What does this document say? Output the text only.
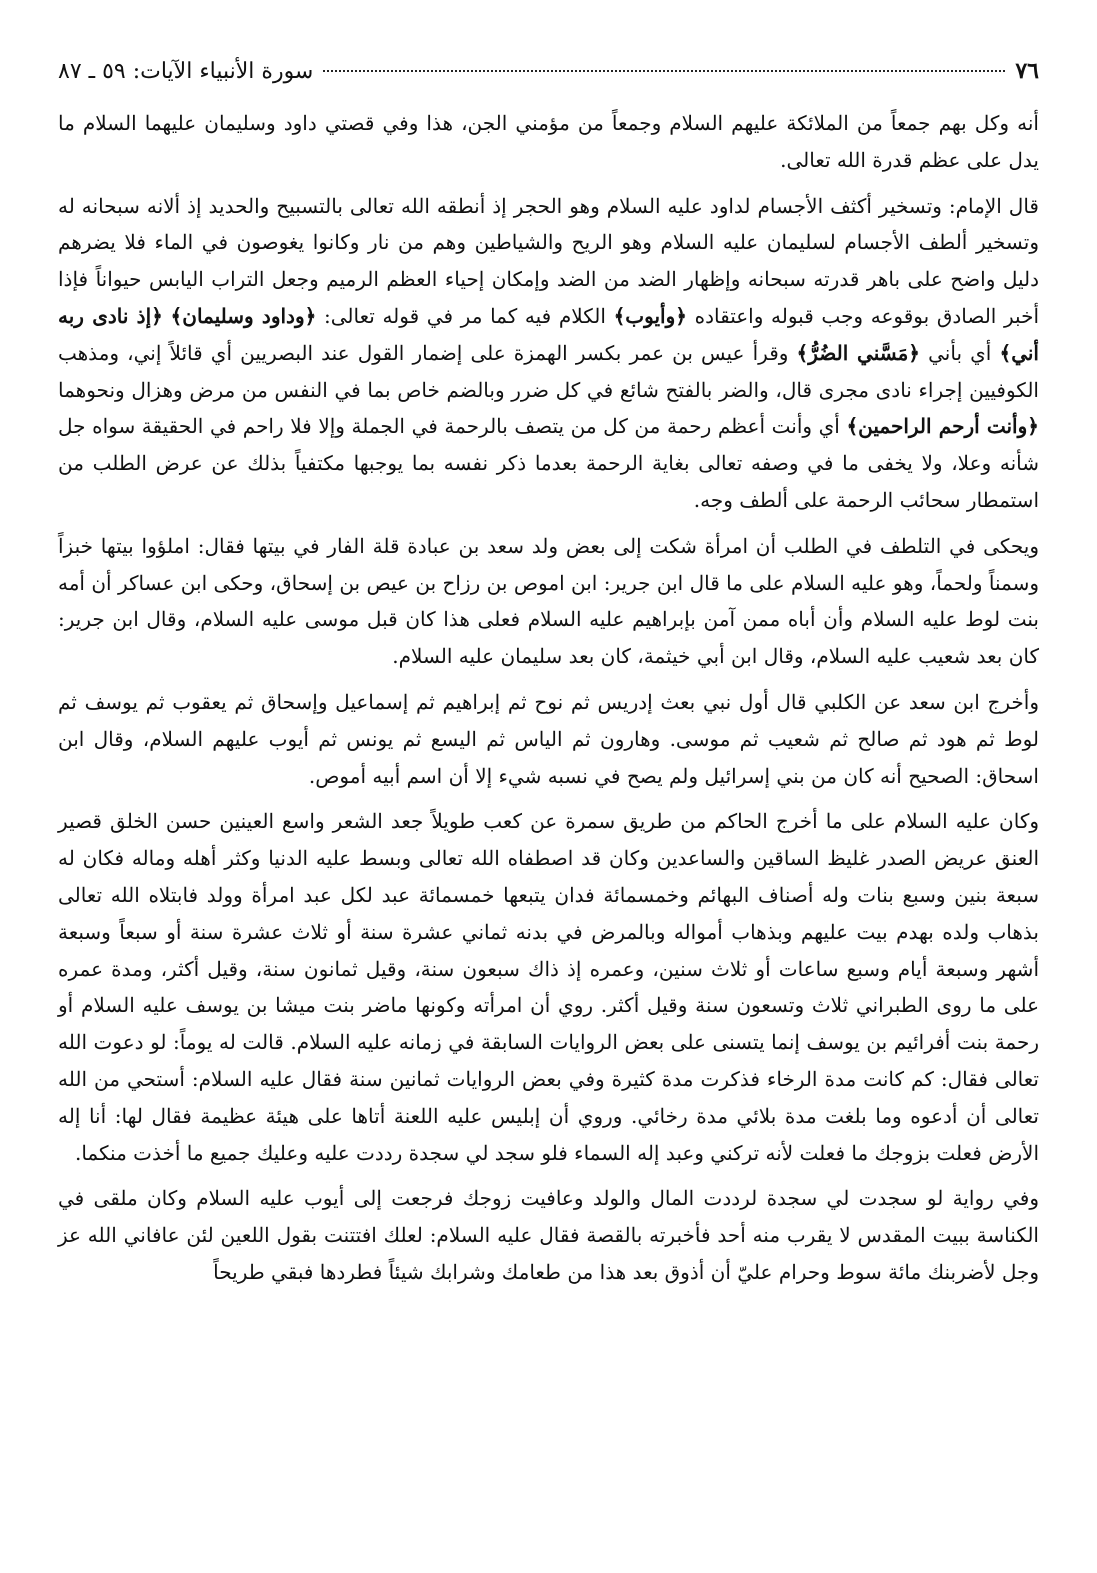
٧٦
سورة الأنبياء الآيات: ٥٩ ـ ٨٧

أنه وكل بهم جمعاً من الملائكة عليهم السلام وجمعاً من مؤمني الجن، هذا وفي قصتي داود وسليمان عليهما السلام ما يدل على عظم قدرة الله تعالى.

قال الإمام: وتسخير أكثف الأجسام لداود عليه السلام وهو الحجر إذ أنطقه الله تعالى بالتسبيح والحديد إذ ألانه سبحانه له وتسخير ألطف الأجسام لسليمان عليه السلام وهو الريح والشياطين وهم من نار وكانوا يغوصون في الماء فلا يضرهم دليل واضح على باهر قدرته سبحانه وإظهار الضد من الضد وإمكان إحياء العظم الرميم وجعل التراب اليابس حيواناً فإذا أخبر الصادق بوقوعه وجب قبوله واعتقاده ﴿وأيوب﴾ الكلام فيه كما مر في قوله تعالى: ﴿وداود وسليمان﴾ ﴿إذ نادى ربه أني﴾ أي بأني ﴿مَسَّني الضُرُّ﴾ وقرأ عيس بن عمر بكسر الهمزة على إضمار القول عند البصريين أي قائلاً إني، ومذهب الكوفيين إجراء نادى مجرى قال، والضر بالفتح شائع في كل ضرر وبالضم خاص بما في النفس من مرض وهزال ونحوهما ﴿وأنت أرحم الراحمين﴾ أي وأنت أعظم رحمة من كل من يتصف بالرحمة في الجملة وإلا فلا راحم في الحقيقة سواه جل شأنه وعلا، ولا يخفى ما في وصفه تعالى بغاية الرحمة بعدما ذكر نفسه بما يوجبها مكتفياً بذلك عن عرض الطلب من استمطار سحائب الرحمة على ألطف وجه.

ويحكى في التلطف في الطلب أن امرأة شكت إلى بعض ولد سعد بن عبادة قلة الفار في بيتها فقال: املؤوا بيتها خبزاً وسمناً ولحماً، وهو عليه السلام على ما قال ابن جرير: ابن اموص بن رزاح بن عيص بن إسحاق، وحكى ابن عساكر أن أمه بنت لوط عليه السلام وأن أباه ممن آمن بإبراهيم عليه السلام فعلى هذا كان قبل موسى عليه السلام، وقال ابن جرير: كان بعد شعيب عليه السلام، وقال ابن أبي خيثمة، كان بعد سليمان عليه السلام.

وأخرج ابن سعد عن الكلبي قال أول نبي بعث إدريس ثم نوح ثم إبراهيم ثم إسماعيل وإسحاق ثم يعقوب ثم يوسف ثم لوط ثم هود ثم صالح ثم شعيب ثم موسى. وهارون ثم الياس ثم اليسع ثم يونس ثم أيوب عليهم السلام، وقال ابن اسحاق: الصحيح أنه كان من بني إسرائيل ولم يصح في نسبه شيء إلا أن اسم أبيه أموص.

وكان عليه السلام على ما أخرج الحاكم من طريق سمرة عن كعب طويلاً جعد الشعر واسع العينين حسن الخلق قصير العنق عريض الصدر غليظ الساقين والساعدين وكان قد اصطفاه الله تعالى وبسط عليه الدنيا وكثر أهله وماله فكان له سبعة بنين وسبع بنات وله أصناف البهائم وخمسمائة فدان يتبعها خمسمائة عبد لكل عبد امرأة وولد فابتلاه الله تعالى بذهاب ولده بهدم بيت عليهم وبذهاب أمواله وبالمرض في بدنه ثماني عشرة سنة أو ثلاث عشرة سنة أو سبعاً وسبعة أشهر وسبعة أيام وسبع ساعات أو ثلاث سنين، وعمره إذ ذاك سبعون سنة، وقيل ثمانون سنة، وقيل أكثر، ومدة عمره على ما روى الطبراني ثلاث وتسعون سنة وقيل أكثر. روي أن امرأته وكونها ماضر بنت ميشا بن يوسف عليه السلام أو رحمة بنت أفرائيم بن يوسف إنما يتسنى على بعض الروايات السابقة في زمانه عليه السلام. قالت له يوماً: لو دعوت الله تعالى فقال: كم كانت مدة الرخاء فذكرت مدة كثيرة وفي بعض الروايات ثمانين سنة فقال عليه السلام: أستحي من الله تعالى أن أدعوه وما بلغت مدة بلائي مدة رخائي. وروي أن إبليس عليه اللعنة أتاها على هيئة عظيمة فقال لها: أنا إله الأرض فعلت بزوجك ما فعلت لأنه تركني وعبد إله السماء فلو سجد لي سجدة رددت عليه وعليك جميع ما أخذت منكما.

وفي رواية لو سجدت لي سجدة لرددت المال والولد وعافيت زوجك فرجعت إلى أيوب عليه السلام وكان ملقى في الكناسة ببيت المقدس لا يقرب منه أحد فأخبرته بالقصة فقال عليه السلام: لعلك افتتنت بقول اللعين لئن عافاني الله عز وجل لأضربنك مائة سوط وحرام عليّ أن أذوق بعد هذا من طعامك وشرابك شيئاً فطردها فبقي طريحاً
